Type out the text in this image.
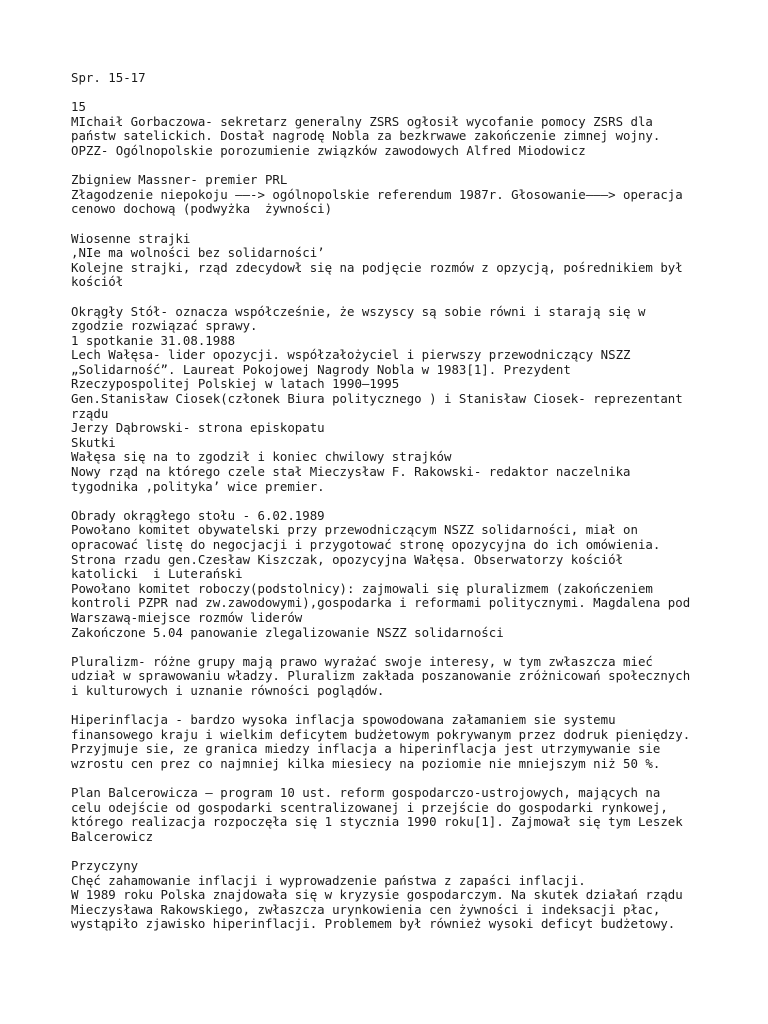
Spr. 15-17
15
MIchaił Gorbaczowa- sekretarz generalny ZSRS ogłosił wycofanie pomocy ZSRS dla
państw satelickich. Dostał nagrodę Nobla za bezkrwawe zakończenie zimnej wojny.
OPZZ- Ogólnopolskie porozumienie związków zawodowych Alfred Miodowicz
Zbigniew Massner- premier PRL
Złagodzenie niepokoju ——-> ogólnopolskie referendum 1987r. Głosowanie———> operacja
cenowo dochową (podwyżka  żywności)
Wiosenne strajki
‚NIe ma wolności bez solidarności’
Kolejne strajki, rząd zdecydowł się na podjęcie rozmów z opzycją, pośrednikiem był
kościół
Okrągły Stół- oznacza współcześnie, że wszyscy są sobie równi i starają się w
zgodzie rozwiązać sprawy.
1 spotkanie 31.08.1988
Lech Wałęsa- lider opozycji. współzałożyciel i pierwszy przewodniczący NSZZ
„Solidarność”. Laureat Pokojowej Nagrody Nobla w 1983[1]. Prezydent
Rzeczypospolitej Polskiej w latach 1990–1995
Gen.Stanisław Ciosek(członek Biura politycznego ) i Stanisław Ciosek- reprezentant
rządu
Jerzy Dąbrowski- strona episkopatu
Skutki
Wałęsa się na to zgodził i koniec chwilowy strajków
Nowy rząd na którego czele stał Mieczysław F. Rakowski- redaktor naczelnika
tygodnika ‚polityka’ wice premier.
Obrady okrągłego stołu - 6.02.1989
Powołano komitet obywatelski przy przewodniczącym NSZZ solidarności, miał on
opracować listę do negocjacji i przygotować stronę opozycyjna do ich omówienia.
Strona rzadu gen.Czesław Kiszczak, opozycyjna Wałęsa. Obserwatorzy kościół
katolicki  i Luterański
Powołano komitet roboczy(podstolnicy): zajmowali się pluralizmem (zakończeniem
kontroli PZPR nad zw.zawodowymi),gospodarka i reformami politycznymi. Magdalena pod
Warszawą-miejsce rozmów liderów
Zakończone 5.04 panowanie zlegalizowanie NSZZ solidarności
Pluralizm- różne grupy mają prawo wyrażać swoje interesy, w tym zwłaszcza mieć
udział w sprawowaniu władzy. Pluralizm zakłada poszanowanie zróżnicowań społecznych
i kulturowych i uznanie równości poglądów.
Hiperinflacja - bardzo wysoka inflacja spowodowana załamaniem sie systemu
finansowego kraju i wielkim deficytem budżetowym pokrywanym przez dodruk pieniędzy.
Przyjmuje sie, ze granica miedzy inflacja a hiperinflacja jest utrzymywanie sie
wzrostu cen prez co najmniej kilka miesiecy na poziomie nie mniejszym niż 50 %.
Plan Balcerowicza – program 10 ust. reform gospodarczo-ustrojowych, mających na
celu odejście od gospodarki scentralizowanej i przejście do gospodarki rynkowej,
którego realizacja rozpoczęła się 1 stycznia 1990 roku[1]. Zajmował się tym Leszek
Balcerowicz
Przyczyny
Chęć zahamowanie inflacji i wyprowadzenie państwa z zapaści inflacji.
W 1989 roku Polska znajdowała się w kryzysie gospodarczym. Na skutek działań rządu
Mieczysława Rakowskiego, zwłaszcza urynkowienia cen żywności i indeksacji płac,
wystąpiło zjawisko hiperinflacji. Problemem był również wysoki deficyt budżetowy.
